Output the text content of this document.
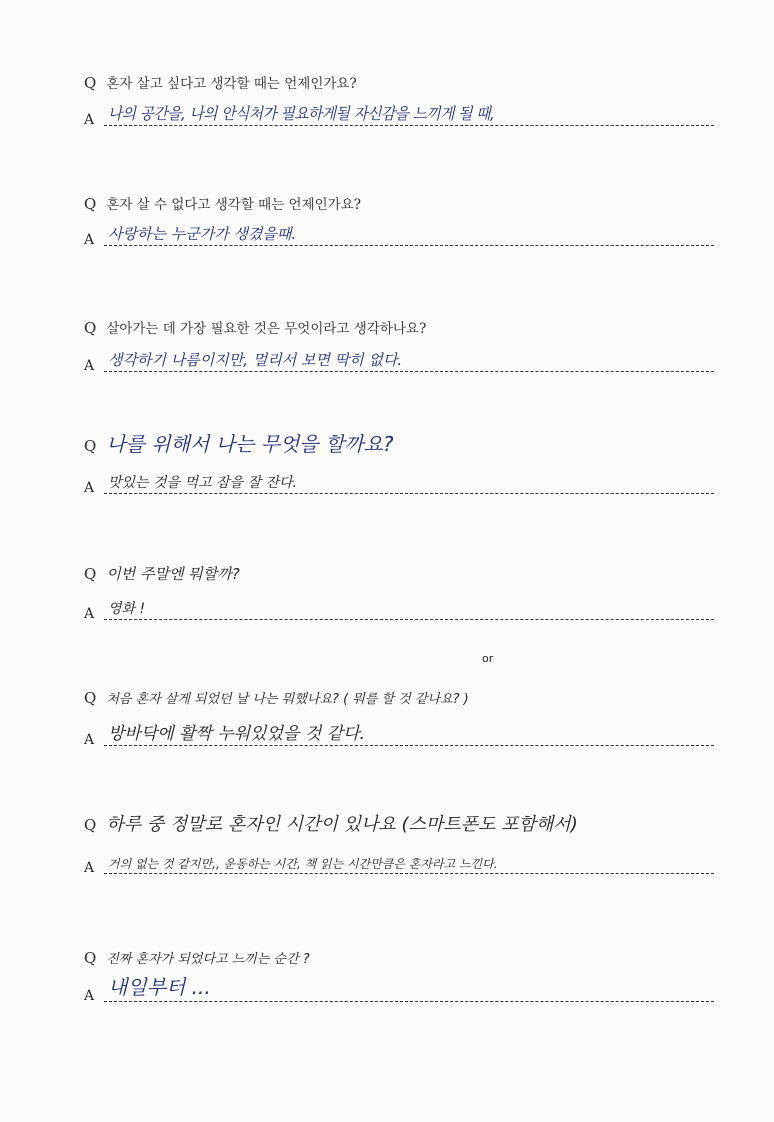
Q 혼자 살고 싶다고 생각할 때는 언제인가요?
A 나의 공간을, 나의 안식처가 필요하게될 자신감을 느끼게 될 때,
Q 혼자 살 수 없다고 생각할 때는 언제인가요?
A 사랑하는 누군가가 생겼을때.
Q 살아가는 데 가장 필요한 것은 무엇이라고 생각하나요?
A 생각하기 나름이지만, 멀리서 보면 딱히 없다.
Q 나를 위해서 나는 무엇을 할까요?
A 맛있는 것을 먹고 잠을 잘 잔다.
Q 이번 주말엔 뭐할까?
A 영화 !
or
Q 처음 혼자 살게 되었던 날 나는 뭐했나요? ( 뭐를 할 것 같나요? )
A 방바닥에 활짝 누워있었을 것 같다.
Q 하루 중 정말로 혼자인 시간이 있나요 (스마트폰도 포함해서)
A 거의 없는 것 같지만,, 운동하는 시간, 책 읽는 시간만큼은 혼자라고 느낀다.
Q 진짜 혼자가 되었다고 느끼는 순간 ?
A 내일부터 ...
